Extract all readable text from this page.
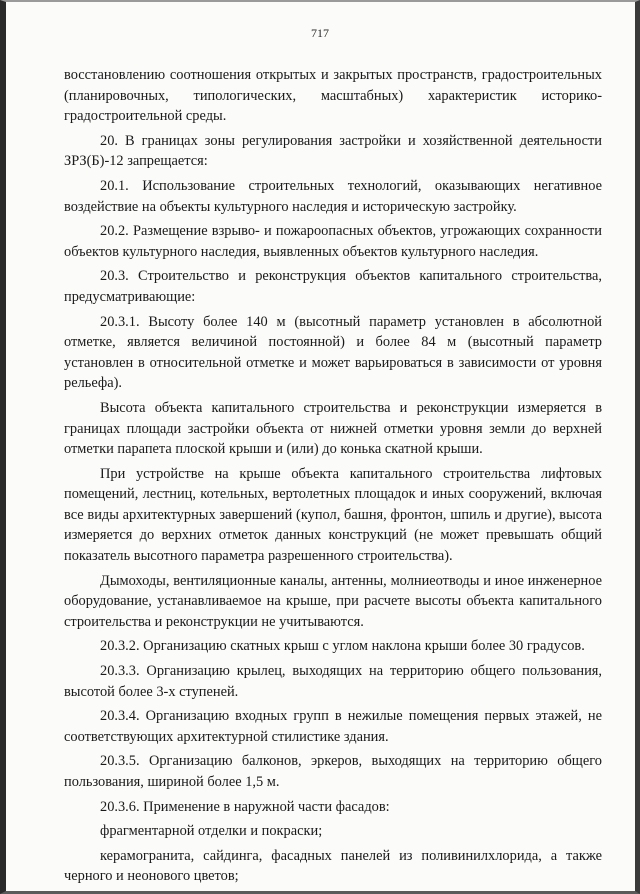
717

восстановлению соотношения открытых и закрытых пространств, градостроительных (планировочных, типологических, масштабных) характеристик историко-градостроительной среды.

20. В границах зоны регулирования застройки и хозяйственной деятельности ЗРЗ(Б)-12 запрещается:

20.1. Использование строительных технологий, оказывающих негативное воздействие на объекты культурного наследия и историческую застройку.

20.2. Размещение взрыво- и пожароопасных объектов, угрожающих сохранности объектов культурного наследия, выявленных объектов культурного наследия.

20.3. Строительство и реконструкция объектов капитального строительства, предусматривающие:

20.3.1. Высоту более 140 м (высотный параметр установлен в абсолютной отметке, является величиной постоянной) и более 84 м (высотный параметр установлен в относительной отметке и может варьироваться в зависимости от уровня рельефа).

Высота объекта капитального строительства и реконструкции измеряется в границах площади застройки объекта от нижней отметки уровня земли до верхней отметки парапета плоской крыши и (или) до конька скатной крыши.

При устройстве на крыше объекта капитального строительства лифтовых помещений, лестниц, котельных, вертолетных площадок и иных сооружений, включая все виды архитектурных завершений (купол, башня, фронтон, шпиль и другие), высота измеряется до верхних отметок данных конструкций (не может превышать общий показатель высотного параметра разрешенного строительства).

Дымоходы, вентиляционные каналы, антенны, молниеотводы и иное инженерное оборудование, устанавливаемое на крыше, при расчете высоты объекта капитального строительства и реконструкции не учитываются.

20.3.2. Организацию скатных крыш с углом наклона крыши более 30 градусов.

20.3.3. Организацию крылец, выходящих на территорию общего пользования, высотой более 3-х ступеней.

20.3.4. Организацию входных групп в нежилые помещения первых этажей, не соответствующих архитектурной стилистике здания.

20.3.5. Организацию балконов, эркеров, выходящих на территорию общего пользования, шириной более 1,5 м.

20.3.6. Применение в наружной части фасадов:

фрагментарной отделки и покраски;

керамогранита, сайдинга, фасадных панелей из поливинилхлорида, а также черного и неонового цветов;
